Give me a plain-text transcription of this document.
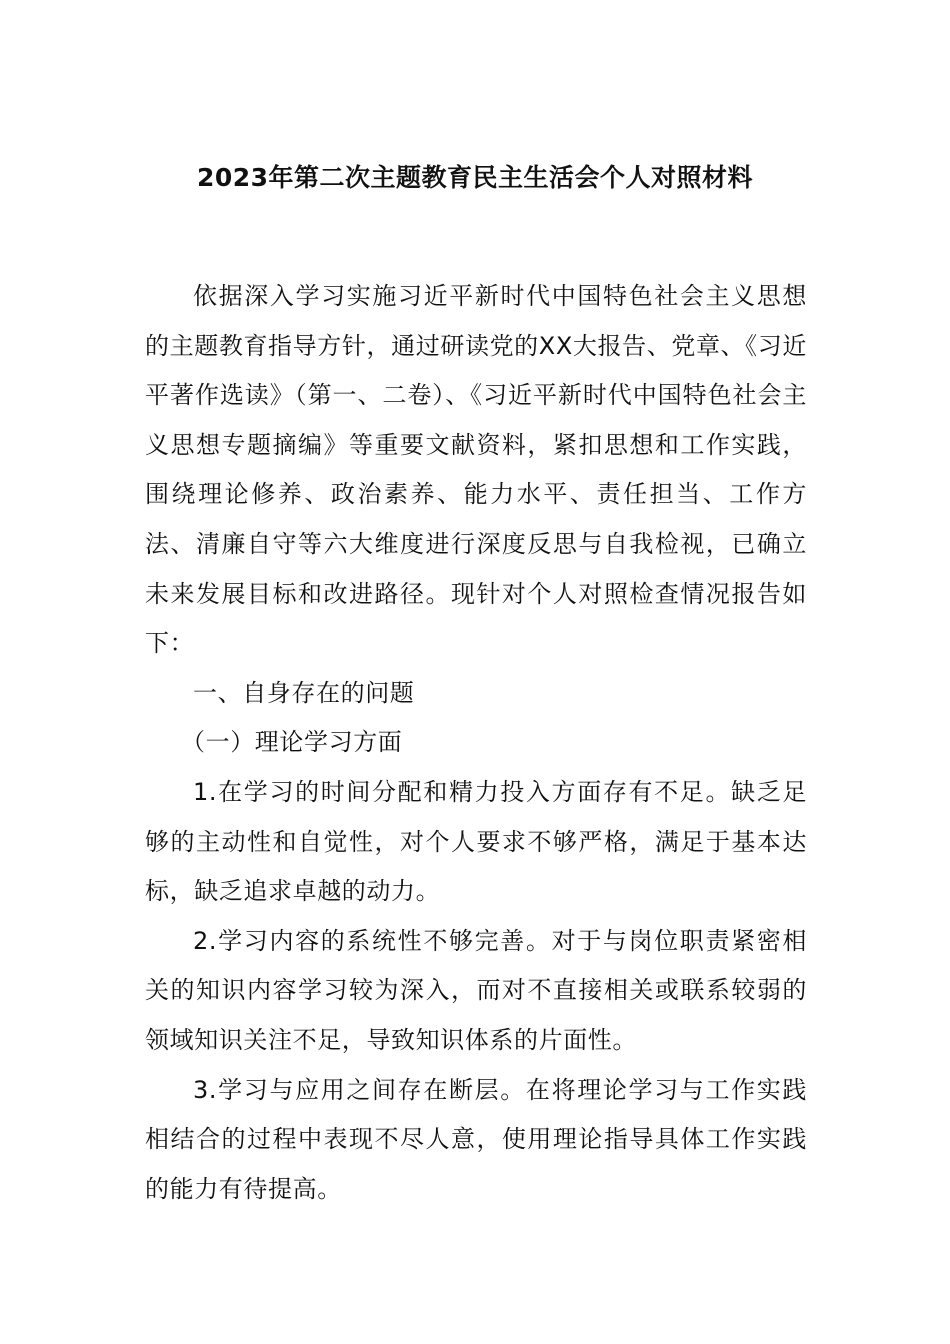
2023年第二次主题教育民主生活会个人对照材料

依据深入学习实施习近平新时代中国特色社会主义思想的主题教育指导方针，通过研读党的XX大报告、党章、《习近平著作选读》（第一、二卷）、《习近平新时代中国特色社会主义思想专题摘编》等重要文献资料，紧扣思想和工作实践，围绕理论修养、政治素养、能力水平、责任担当、工作方法、清廉自守等六大维度进行深度反思与自我检视，已确立未来发展目标和改进路径。现针对个人对照检查情况报告如下：

一、自身存在的问题

（一）理论学习方面

1.在学习的时间分配和精力投入方面存有不足。缺乏足够的主动性和自觉性，对个人要求不够严格，满足于基本达标，缺乏追求卓越的动力。

2.学习内容的系统性不够完善。对于与岗位职责紧密相关的知识内容学习较为深入，而对不直接相关或联系较弱的领域知识关注不足，导致知识体系的片面性。

3.学习与应用之间存在断层。在将理论学习与工作实践相结合的过程中表现不尽人意，使用理论指导具体工作实践的能力有待提高。
